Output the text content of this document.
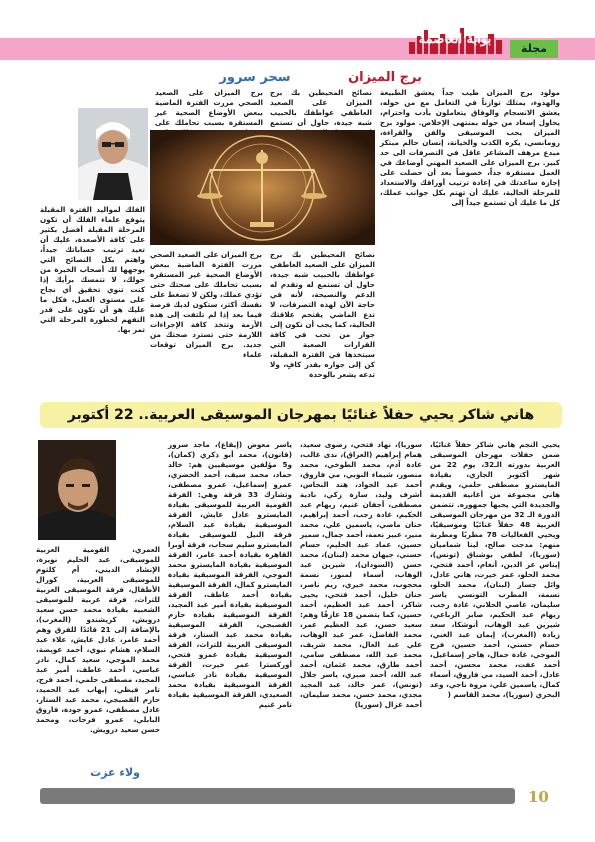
مجلة
بوابة العاصمة
برج الميزان
سحر سرور
مولود برج الميزان طيب جداً يعشق الطبيعة والهدوء، يمتلك توازناً في التعامل مع من حوله، يعشق الانسجام والوفاق يتعاملون بأدب واحترام، يحاول إسعاد من حوله بمنتهى الإخلاص. مولود برج الميزان يحب الموسيقى والفن والقراءة، رومانسي، يكره الكذب والخيانة، إنسان حالم مبتكر مبدع مرهف المشاعر عاقل في التصرفات الى حد كبير. برج الميزان على الصعيد المهني أوضاعك في العمل مستقرة جداً، خصوصاً بعد أن حصلت على إجازة ساعدتك في إعادة ترتيب أوراقك والاستعداد للمرحلة الحالية، عليك أن تهتم بكل جوانب عملك، كل ما عليك أن تستمع جيداً إلى
نصائح المحيطين بك برج الميزان على الصعيد العاطفي عواطفك بالحبيب شبه جيدة، حاول أن تستمع
برج الميزان على الصعيد الصحي مررت الفترة الماضية ببعض الأوضاع الصحية غير المستقرة بسبب تحاملك على
نصائح المحيطين بك برج الميزان على الصعيد العاطفي عواطفك بالحبيب شبه جيدة، حاول أن تستمع له وتقدم له الدعم والنصيحة، لأنه في حاجة الآن لهذه التصرفات، لا تدع الماضي يقتحم علاقتك الحالية، كما يجب أن تكون إلى جوار من تحب في كافة القرارات الصعبة التي سيتخذها في الفترة المقبلة، كن إلى جواره بقدر كافٍ، ولا تدعه يشعر بالوحدة
برج الميزان على الصعيد الصحي مررت الفترة الماضية ببعض الأوضاع الصحية غير المستقرة بسبب تحاملك على صحتك حتى تؤدي عملك، ولكن لا تضغط على نفسك أكثر، ستكون لديك فرصة فيما بعد إذا لم تلتفت إلى هذه الأزمة وتتخذ كافة الإجراءات اللازمة حتى تسترد صحتك من جديد. برج الميزان توقعات علماء
الفلك لمواليد الفترة المقبلة يتوقع علماء الفلك أن تكون المرحلة المقبلة أفضل بكثير على كافة الأصعدة، عليك أن تعيد ترتيب حساباتك جيداً، واهتم بكل النصائح التي يوجهها لك أصحاب الخبرة من حولك، لا تتمسك برأيك إذا كنت تنوي تحقيق أي نجاح على مستوى العمل، فكل ما عليك هو أن تكون على قدر التفهم لخطورة المرحلة التي تمر بها.
هاني شاكر يحيي حفلاً غنائيًا بمهرجان الموسيقى العربية.. 22 أكتوبر
يحيي النجم هاني شاكر حفلاً غنائيًا، ضمن حفلات مهرجان الموسيقى العربية بدورته الـ32، يوم 22 من شهر أكتوبر الجاري، بقيادة المايسترو مصطفى حلمي، ويقدم هاني مجموعة من أغانيه القديمة والجديدة التي يحبها جمهوره. تتضمن الدورة الـ 32 من مهرجان الموسيقى العربية 48 حفلاً غنائيًا وموسيقيًا، ويحيي الفعاليات 78 مطربًا ومطربة منهم: مدحت صالح، لينا شماميان (سوريا)، لطفي بوشناق (تونس)، إيناس عز الدين، أنغام، أحمد فتحي، محمد الحلو، عمر خيرت، هاني عادل، وائل جسار (لبنان)، محمد الحلو، نسمة، المطرب التونسي ياسر سليمان، عاصي الحلاني، غادة رجب، ريهام عبد الحكيم، صابر الرباعي، شيرين عبد الوهاب، أنوشكا، سعد زيادة (المغرب)، إيمان عبد الغني، حسام حسني، أحمد حسين، فرح الموجي، غادة جمال، هاجر إسماعيل، أحمد عفت، محمد محسن، أحمد عادل، أحمد السيد، مي فاروق، أسماء كمال، ياسمين علي، مروة ناجي، وعد البحري (سوريا)، محمد القاسم (
سوريا)، نهاد فتحي، رضوى سعيد، همام إبراهيم (العراق)، ندى غالب، غادة آدم، محمد الطوخي، محمد منصور، شيماء النوبي، مي فاروق، أحمد عبد الجواد، هند النحاس، أشرف وليد، سارة زكي، نادية مصطفى، أجفان غنيم، ريهام عبد الحكيم، غادة رجب، أحمد إبراهيم، حنان ماضي، ياسمين علي، محمد منير، عبير نعمة، أحمد جمال، سمير حسين، عماد عبد الحليم، حسام حسني، جيهان محمد (لبنان)، محمد حسن (السودان)، شيرين عبد الوهاب، أسماء لمنور، نسمة محجوب، محمد خيري، ريم ناصر، حنان خليل، أحمد فتحي، يحيى شاكر، أحمد عبد العظيم، أحمد حسين، كما يتضمن 18 عازفًا وهم: سعيد حسن، عبد العظيم عمر، محمد الفاضل، عمر عبد الوهاب، علي عبد العال، محمد شريف، محمد عبد الله، مصطفى سامي، أحمد طارق، محمد عثمان، أحمد عبد الله، أحمد صبري، ياسر جلال (تونس)، عمر خالد، عبد المجيد مجدي، محمد حسن، محمد سليمان، أحمد غزال (سوريا)
ياسر معوض (إيقاع)، ماجد سرور (قانون)، محمد أبو ذكري (كمان)، و5 مؤلفين موسيقيين هم: خالد حماد، محمد سيف، أحمد الحضري، عمرو إسماعيل، عمرو مصطفى، وتشارك 33 فرقة وهي: الفرقة القومية العربية للموسيقى بقيادة المايسترو عادل عايش، الفرقة الموسيقية بقيادة عبد السلام، فرقة النيل للموسيقى بقيادة المايسترو سليم سحاب، فرقة أوبرا القاهرة بقيادة أحمد عامر، الفرقة الموسيقية بقيادة المايسترو محمد الموجي، الفرقة الموسيقية بقيادة المايسترو كمال، الفرقة الموسيقية بقيادة أحمد عاطف، الفرقة الموسيقية بقيادة أمير عبد المجيد، الفرقة الموسيقية بقيادة حازم القصبجي، الفرقة الموسيقية بقيادة محمد عبد الستار، فرقة الموسيقى العربية للتراث، الفرقة الموسيقية بقيادة عمرو فتحي، أوركسترا عمر خيرت، الفرقة الموسيقية بقيادة نادر عباسي، الفرقة الموسيقية بقيادة محمد الصعيدي، الفرقة الموسيقية بقيادة تامر غنيم
العمري، القومية العربية للموسيقى، عبد الحليم نويرة، الإنشاد الديني، أم كلثوم للموسيقى العربية، كورال الأطفال، فرقة الموسيقى العربية للتراث، فرقة عربية للموسيقى الشعبية بقيادة محمد حسن سعيد درويش، كريشندو (المغرب)، بالإضافة إلى 21 قائدًا للفرق وهم أحمد عامر، عادل عايش، علاء عبد السلام، هشام نبوي، أحمد عويضة، محمد الموجي، سعيد كمال، نادر عباسي، أحمد عاطف، أمير عبد المجيد، مصطفى حلمي، أحمد فرج، تامر فيظي، إيهاب عبد الحميد، حازم القصبجي، محمد عبد الستار، عادل مصطفى، عمرو جودة، فاروق البابلي، عمرو فرحات، ومحمد حسن سعيد درويش.
ولاء عزت
10
